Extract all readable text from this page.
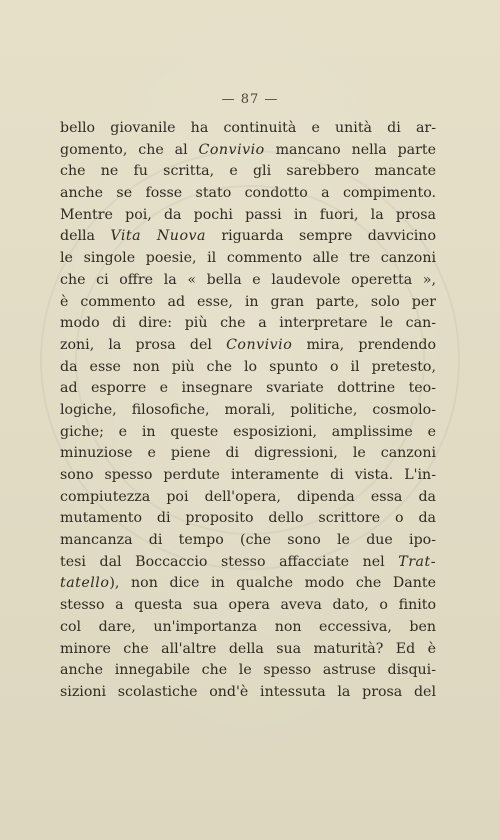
— 87 —
bello giovanile ha continuità e unità di ar-
gomento, che al Convivio mancano nella parte
che ne fu scritta, e gli sarebbero mancate
anche se fosse stato condotto a compimento.
Mentre poi, da pochi passi in fuori, la prosa
della Vita Nuova riguarda sempre davvicino
le singole poesie, il commento alle tre canzoni
che ci offre la « bella e laudevole operetta »,
è commento ad esse, in gran parte, solo per
modo di dire: più che a interpretare le can-
zoni, la prosa del Convivio mira, prendendo
da esse non più che lo spunto o il pretesto,
ad esporre e insegnare svariate dottrine teo-
logiche, filosofiche, morali, politiche, cosmolo-
giche; e in queste esposizioni, amplissime e
minuziose e piene di digressioni, le canzoni
sono spesso perdute interamente di vista. L'in-
compiutezza poi dell'opera, dipenda essa da
mutamento di proposito dello scrittore o da
mancanza di tempo (che sono le due ipo-
tesi dal Boccaccio stesso affacciate nel Trat-
tatello), non dice in qualche modo che Dante
stesso a questa sua opera aveva dato, o finito
col dare, un'importanza non eccessiva, ben
minore che all'altre della sua maturità? Ed è
anche innegabile che le spesso astruse disqui-
sizioni scolastiche ond'è intessuta la prosa del
